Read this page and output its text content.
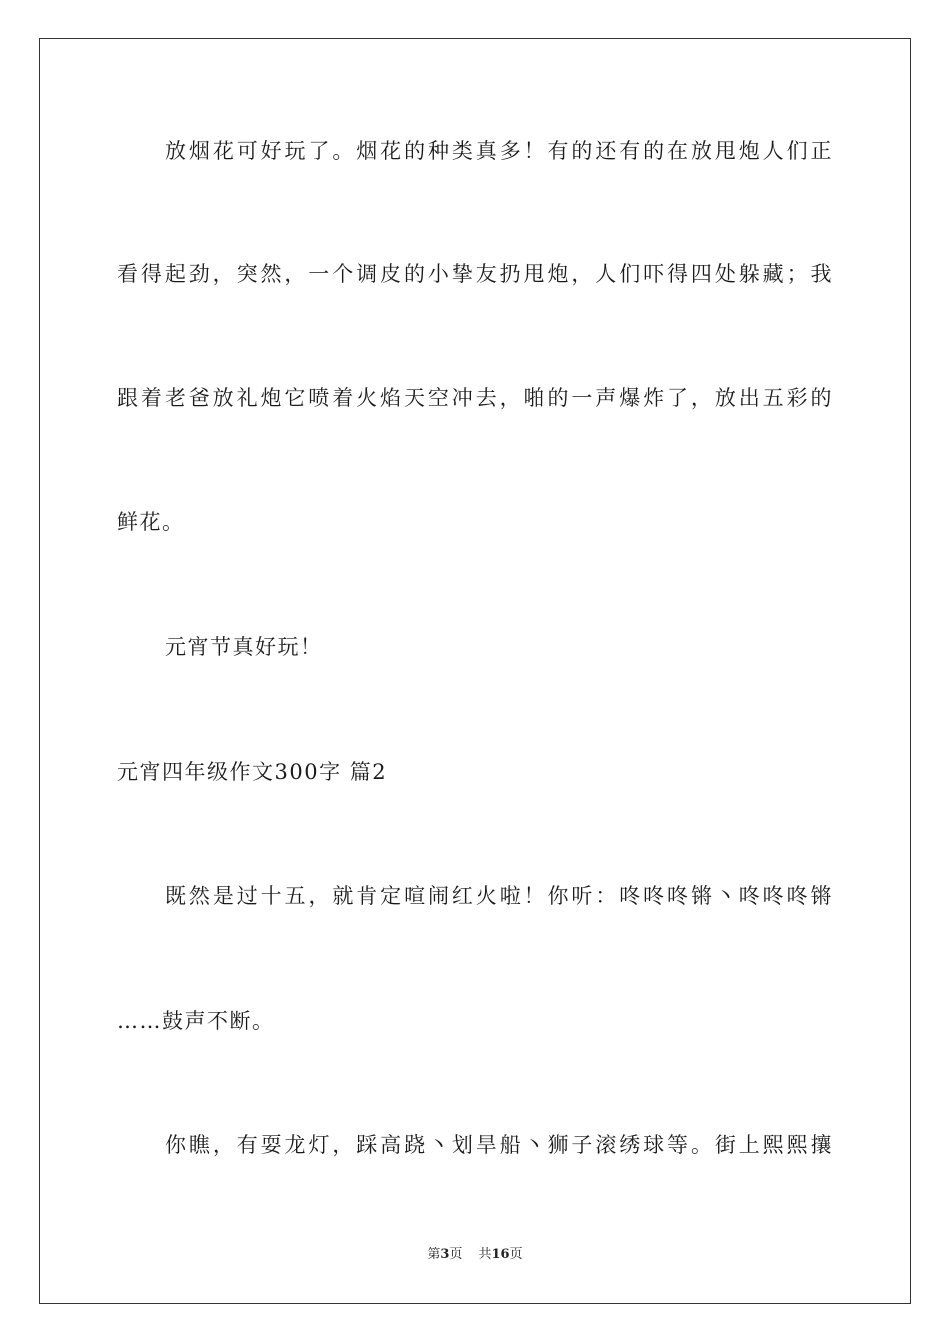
放烟花可好玩了。烟花的种类真多！有的还有的在放甩炮人们正
看得起劲，突然，一个调皮的小挚友扔甩炮，人们吓得四处躲藏；我
跟着老爸放礼炮它喷着火焰天空冲去，啪的一声爆炸了，放出五彩的
鲜花。
元宵节真好玩！
元宵四年级作文300字 篇2
既然是过十五，就肯定喧闹红火啦！你听：咚咚咚锵丶咚咚咚锵
……鼓声不断。
你瞧，有耍龙灯，踩高跷丶划旱船丶狮子滚绣球等。街上熙熙攘
第3页 共16页
